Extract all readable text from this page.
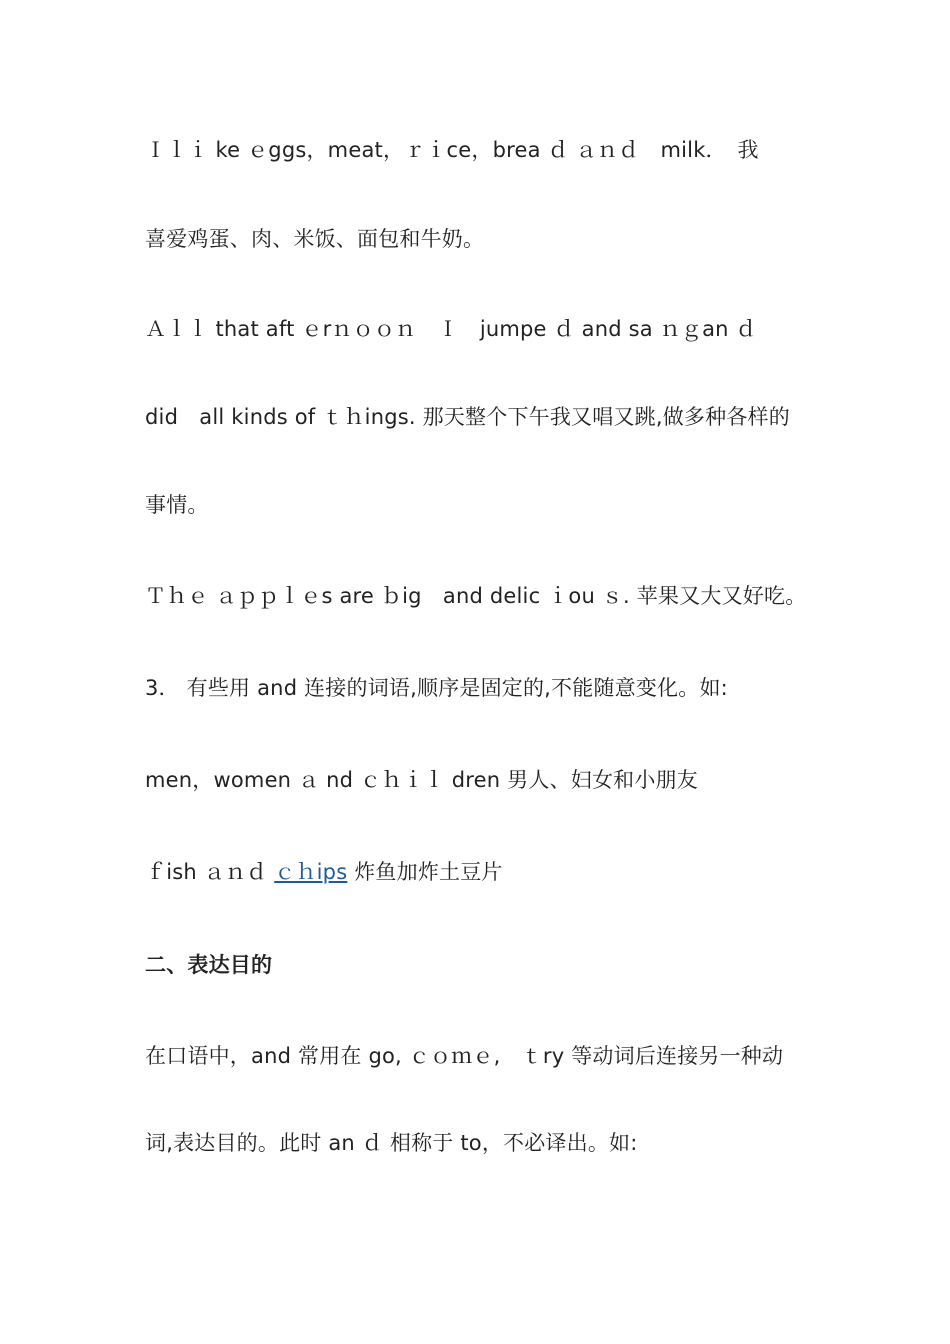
Ｉｌｉ ke ｅggs，meat，ｒｉce，brea ｄ ａｎｄ　milk．　我

喜爱鸡蛋、肉、米饭、面包和牛奶。

Ａｌｌ that aft ｅrｎｏｏｎ　Ｉ　jumpe ｄ and sa ｎｇan ｄ

did　all kinds of ｔｈings. 那天整个下午我又唱又跳,做多种各样的

事情。

Ｔｈｅ ａｐｐｌｅs are ｂig　and delic ｉou ｓ. 苹果又大又好吃。

3． 有些用 and 连接的词语,顺序是固定的,不能随意变化。如:

men，women ａ nd ｃｈｉｌ dren 男人、妇女和小朋友

ｆish ａｎｄ ｃｈips 炸鱼加炸土豆片

二、表达目的

在口语中，and 常用在 go, ｃｏｍｅ,　ｔry 等动词后连接另一种动

词,表达目的。此时 an ｄ 相称于 to，不必译出。如:
